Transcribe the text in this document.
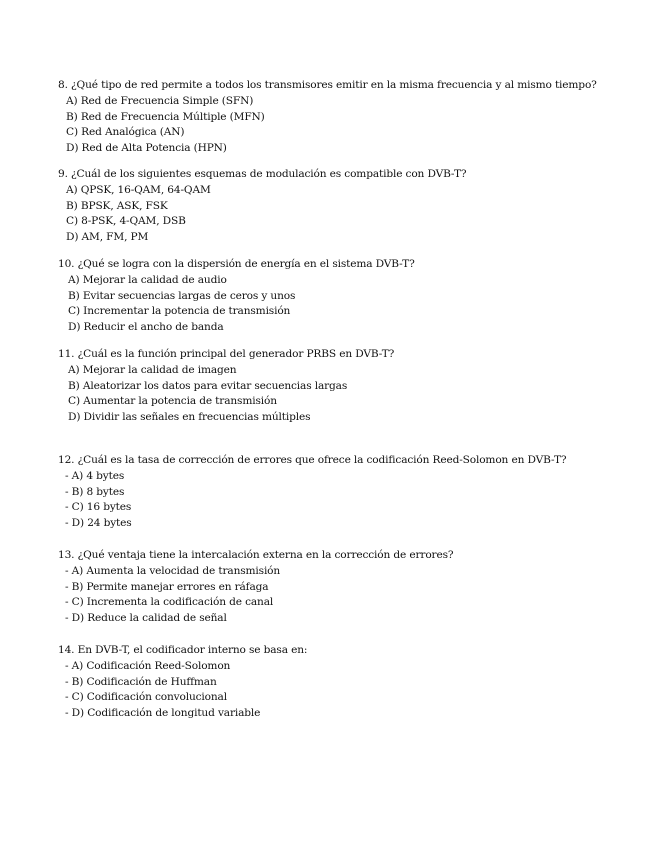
8. ¿Qué tipo de red permite a todos los transmisores emitir en la misma frecuencia y al mismo tiempo?
A) Red de Frecuencia Simple (SFN)
B) Red de Frecuencia Múltiple (MFN)
C) Red Analógica (AN)
D) Red de Alta Potencia (HPN)
9. ¿Cuál de los siguientes esquemas de modulación es compatible con DVB-T?
A) QPSK, 16-QAM, 64-QAM
B) BPSK, ASK, FSK
C) 8-PSK, 4-QAM, DSB
D) AM, FM, PM
10. ¿Qué se logra con la dispersión de energía en el sistema DVB-T?
A) Mejorar la calidad de audio
B) Evitar secuencias largas de ceros y unos
C) Incrementar la potencia de transmisión
D) Reducir el ancho de banda
11. ¿Cuál es la función principal del generador PRBS en DVB-T?
A) Mejorar la calidad de imagen
B) Aleatorizar los datos para evitar secuencias largas
C) Aumentar la potencia de transmisión
D) Dividir las señales en frecuencias múltiples
12. ¿Cuál es la tasa de corrección de errores que ofrece la codificación Reed-Solomon en DVB-T?
- A) 4 bytes
- B) 8 bytes
- C) 16 bytes
- D) 24 bytes
13. ¿Qué ventaja tiene la intercalación externa en la corrección de errores?
- A) Aumenta la velocidad de transmisión
- B) Permite manejar errores en ráfaga
- C) Incrementa la codificación de canal
- D) Reduce la calidad de señal
14. En DVB-T, el codificador interno se basa en:
- A) Codificación Reed-Solomon
- B) Codificación de Huffman
- C) Codificación convolucional
- D) Codificación de longitud variable
